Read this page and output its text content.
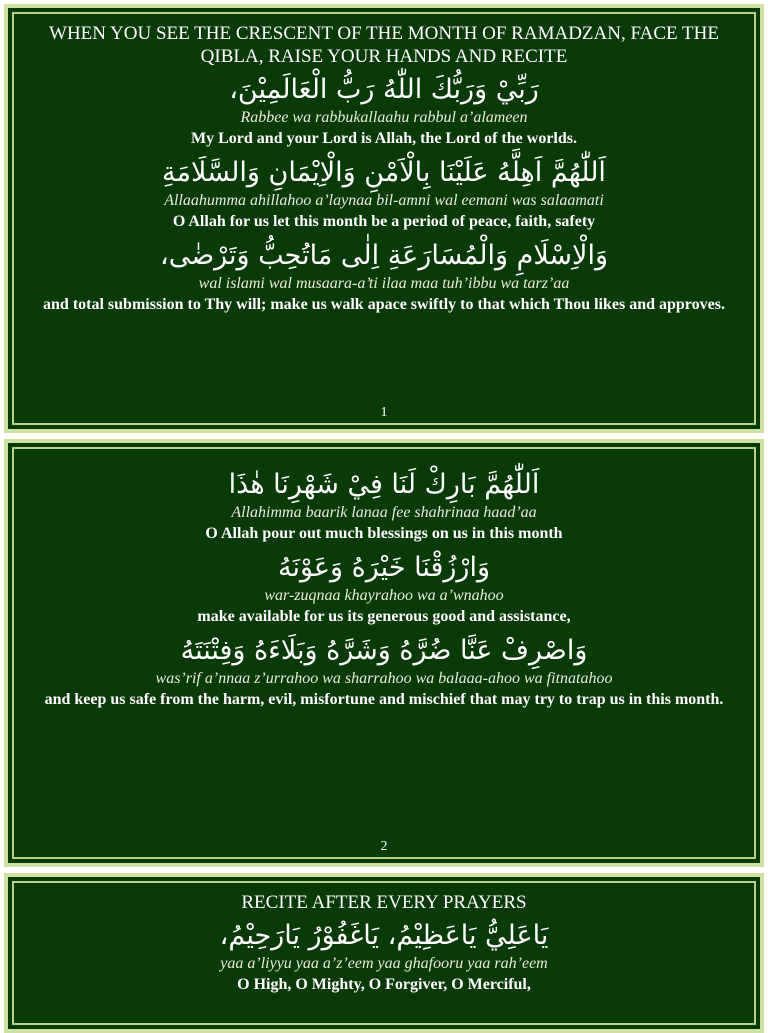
WHEN YOU SEE THE CRESCENT OF THE MONTH OF RAMADZAN, FACE THE QIBLA, RAISE YOUR HANDS AND RECITE

رَبِّيْ وَرَبُّكَ اللّٰهُ رَبُّ الْعَالَمِيْنَ،

Rabbee wa rabbukallaahu rabbul a’alameen

My Lord and your Lord is Allah, the Lord of the worlds.

اَللّٰهُمَّ اَهِلَّهُ عَلَيْنَا بِالْاَمْنِ وَالْاِيْمَانِ وَالسَّلَامَةِ

Allaahumma ahillahoo a’laynaa bil-amni wal eemani was salaamati

O Allah for us let this month be a period of peace, faith, safety

وَالْاِسْلَامِ وَالْمُسَارَعَةِ اِلٰى مَاتُحِبُّ وَتَرْضٰى،

wal islami wal musaara-a’ti ilaa maa tuh’ibbu wa tarz’aa

and total submission to Thy will; make us walk apace swiftly to that which Thou likes and approves.

1

اَللّٰهُمَّ بَارِكْ لَنَا فِيْ شَهْرِنَا هٰذَا

Allahimma baarik lanaa fee shahrinaa haad’aa

O Allah pour out much blessings on us in this month

وَارْزُقْنَا خَيْرَهُ وَعَوْنَهُ

war-zuqnaa khayrahoo wa a’wnahoo

make available for us its generous good and assistance,

وَاصْرِفْ عَنَّا ضُرَّهُ وَشَرَّهُ وَبَلَاءَهُ وَفِتْنَتَهُ

was’rif a’nnaa z’urrahoo wa sharrahoo wa balaaa-ahoo wa fitnatahoo

and keep us safe from the harm, evil, misfortune and mischief that may try to trap us in this month.

2
RECITE AFTER EVERY PRAYERS

يَاعَلِيُّ يَاعَظِيْمُ، يَاغَفُوْرُ يَارَحِيْمُ،

yaa a’liyyu yaa a’z’eem yaa ghafooru yaa rah’eem

O High, O Mighty, O Forgiver, O Merciful,
